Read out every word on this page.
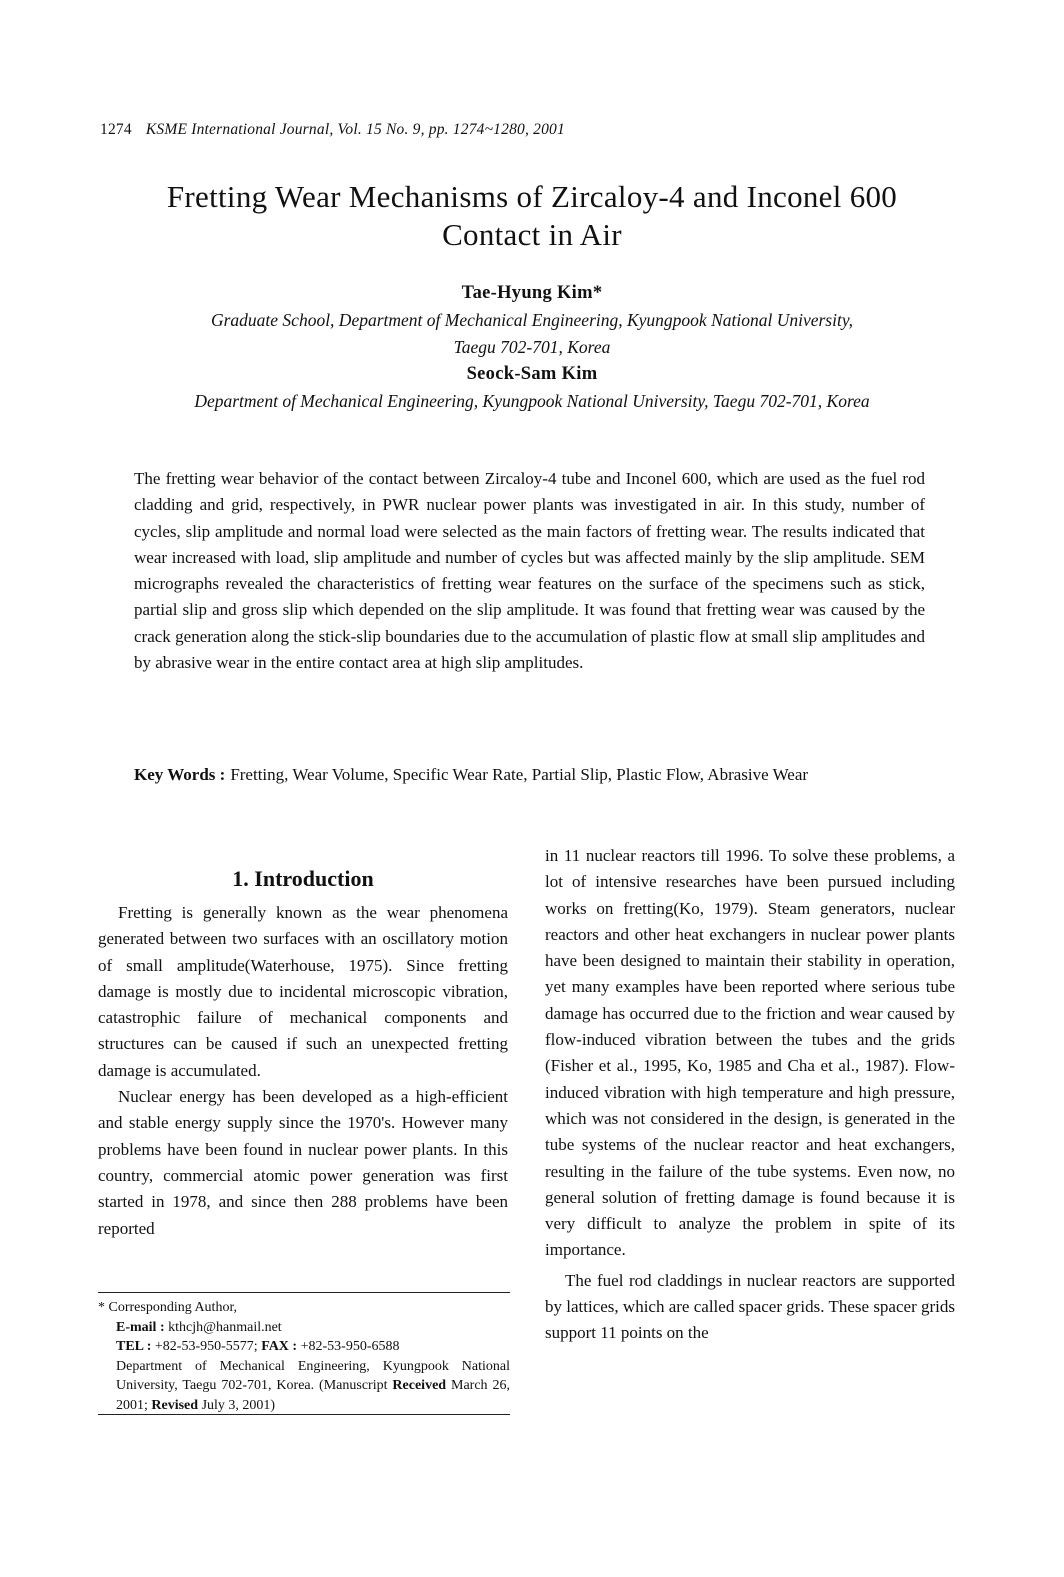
1274 KSME International Journal, Vol. 15 No. 9, pp. 1274~1280, 2001
Fretting Wear Mechanisms of Zircaloy-4 and Inconel 600
Contact in Air
Tae-Hyung Kim*
Graduate School, Department of Mechanical Engineering, Kyungpook National University,
Taegu 702-701, Korea
Seock-Sam Kim
Department of Mechanical Engineering, Kyungpook National University, Taegu 702-701, Korea
The fretting wear behavior of the contact between Zircaloy-4 tube and Inconel 600, which are used as the fuel rod cladding and grid, respectively, in PWR nuclear power plants was investigated in air. In this study, number of cycles, slip amplitude and normal load were selected as the main factors of fretting wear. The results indicated that wear increased with load, slip amplitude and number of cycles but was affected mainly by the slip amplitude. SEM micrographs revealed the characteristics of fretting wear features on the surface of the specimens such as stick, partial slip and gross slip which depended on the slip amplitude. It was found that fretting wear was caused by the crack generation along the stick-slip boundaries due to the accumulation of plastic flow at small slip amplitudes and by abrasive wear in the entire contact area at high slip amplitudes.
Key Words : Fretting, Wear Volume, Specific Wear Rate, Partial Slip, Plastic Flow, Abrasive Wear
1. Introduction

Fretting is generally known as the wear phenomena generated between two surfaces with an oscillatory motion of small amplitude(Waterhouse, 1975). Since fretting damage is mostly due to incidental microscopic vibration, catastrophic failure of mechanical components and structures can be caused if such an unexpected fretting damage is accumulated.

Nuclear energy has been developed as a high-efficient and stable energy supply since the 1970's. However many problems have been found in nuclear power plants. In this country, commercial atomic power generation was first started in 1978, and since then 288 problems have been reported

in 11 nuclear reactors till 1996. To solve these problems, a lot of intensive researches have been pursued including works on fretting(Ko, 1979). Steam generators, nuclear reactors and other heat exchangers in nuclear power plants have been designed to maintain their stability in operation, yet many examples have been reported where serious tube damage has occurred due to the friction and wear caused by flow-induced vibration between the tubes and the grids (Fisher et al., 1995, Ko, 1985 and Cha et al., 1987). Flow-induced vibration with high temperature and high pressure, which was not considered in the design, is generated in the tube systems of the nuclear reactor and heat exchangers, resulting in the failure of the tube systems. Even now, no general solution of fretting damage is found because it is very difficult to analyze the problem in spite of its importance.

The fuel rod claddings in nuclear reactors are supported by lattices, which are called spacer grids. These spacer grids support 11 points on the

* Corresponding Author,
E-mail : kthcjh@hanmail.net
TEL : +82-53-950-5577; FAX : +82-53-950-6588
Department of Mechanical Engineering, Kyungpook National University, Taegu 702-701, Korea. (Manuscript Received March 26, 2001; Revised July 3, 2001)
